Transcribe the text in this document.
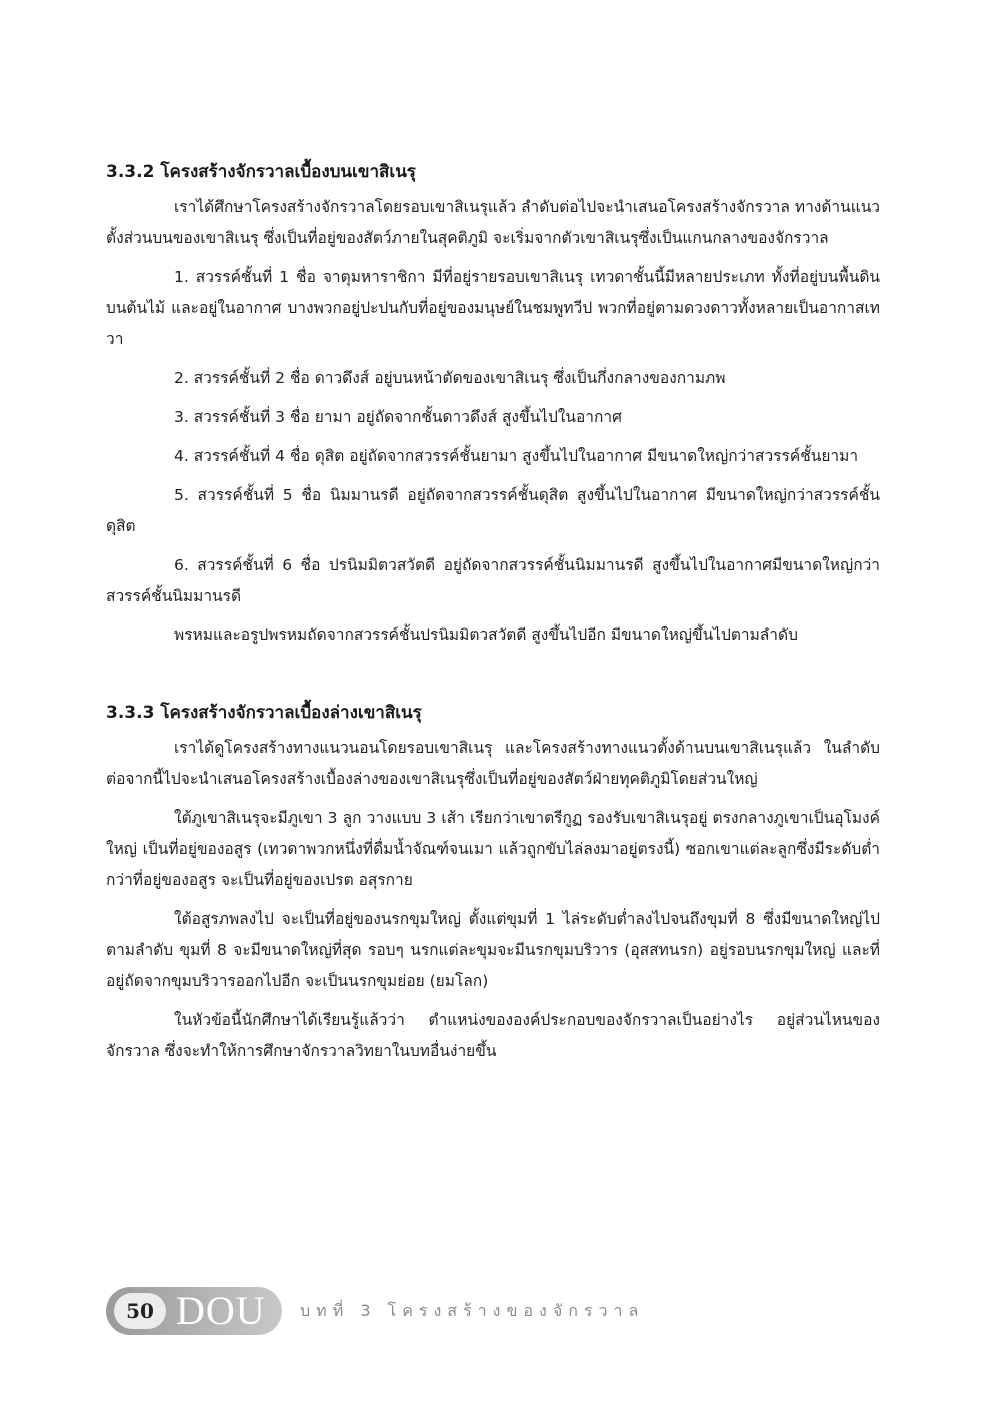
3.3.2 โครงสร้างจักรวาลเบื้องบนเขาสิเนรุ

เราได้ศึกษาโครงสร้างจักรวาลโดยรอบเขาสิเนรุแล้ว ลำดับต่อไปจะนำเสนอโครงสร้างจักรวาล ทางด้านแนวตั้งส่วนบนของเขาสิเนรุ ซึ่งเป็นที่อยู่ของสัตว์ภายในสุคติภูมิ จะเริ่มจากตัวเขาสิเนรุซึ่งเป็นแกนกลางของจักรวาล

1. สวรรค์ชั้นที่ 1 ชื่อ จาตุมหาราชิกา มีที่อยู่รายรอบเขาสิเนรุ เทวดาชั้นนี้มีหลายประเภท ทั้งที่อยู่บนพื้นดิน บนต้นไม้ และอยู่ในอากาศ บางพวกอยู่ปะปนกับที่อยู่ของมนุษย์ในชมพูทวีป พวกที่อยู่ตามดวงดาวทั้งหลายเป็นอากาสเทวา

2. สวรรค์ชั้นที่ 2 ชื่อ ดาวดึงส์ อยู่บนหน้าตัดของเขาสิเนรุ ซึ่งเป็นกึ่งกลางของกามภพ

3. สวรรค์ชั้นที่ 3 ชื่อ ยามา อยู่ถัดจากชั้นดาวดึงส์ สูงขึ้นไปในอากาศ

4. สวรรค์ชั้นที่ 4 ชื่อ ดุสิต อยู่ถัดจากสวรรค์ชั้นยามา สูงขึ้นไปในอากาศ มีขนาดใหญ่กว่าสวรรค์ชั้นยามา

5. สวรรค์ชั้นที่ 5 ชื่อ นิมมานรดี อยู่ถัดจากสวรรค์ชั้นดุสิต สูงขึ้นไปในอากาศ มีขนาดใหญ่กว่าสวรรค์ชั้นดุสิต

6. สวรรค์ชั้นที่ 6 ชื่อ ปรนิมมิตวสวัตดี อยู่ถัดจากสวรรค์ชั้นนิมมานรดี สูงขึ้นไปในอากาศมีขนาดใหญ่กว่าสวรรค์ชั้นนิมมานรดี

พรหมและอรูปพรหมถัดจากสวรรค์ชั้นปรนิมมิตวสวัตดี สูงขึ้นไปอีก มีขนาดใหญ่ขึ้นไปตามลำดับ

3.3.3 โครงสร้างจักรวาลเบื้องล่างเขาสิเนรุ

เราได้ดูโครงสร้างทางแนวนอนโดยรอบเขาสิเนรุ และโครงสร้างทางแนวตั้งด้านบนเขาสิเนรุแล้ว ในลำดับต่อจากนี้ไปจะนำเสนอโครงสร้างเบื้องล่างของเขาสิเนรุซึ่งเป็นที่อยู่ของสัตว์ฝ่ายทุคติภูมิโดยส่วนใหญ่

ใต้ภูเขาสิเนรุจะมีภูเขา 3 ลูก วางแบบ 3 เส้า เรียกว่าเขาตรีกูฏ รองรับเขาสิเนรุอยู่ ตรงกลางภูเขาเป็นอุโมงค์ใหญ่ เป็นที่อยู่ของอสูร (เทวดาพวกหนึ่งที่ดื่มน้ำจัณฑ์จนเมา แล้วถูกขับไล่ลงมาอยู่ตรงนี้) ซอกเขาแต่ละลูกซึ่งมีระดับต่ำกว่าที่อยู่ของอสูร จะเป็นที่อยู่ของเปรต อสุรกาย

ใต้อสูรภพลงไป จะเป็นที่อยู่ของนรกขุมใหญ่ ตั้งแต่ขุมที่ 1 ไล่ระดับต่ำลงไปจนถึงขุมที่ 8 ซึ่งมีขนาดใหญ่ไปตามลำดับ ขุมที่ 8 จะมีขนาดใหญ่ที่สุด รอบๆ นรกแต่ละขุมจะมีนรกขุมบริวาร (อุสสทนรก) อยู่รอบนรกขุมใหญ่ และที่อยู่ถัดจากขุมบริวารออกไปอีก จะเป็นนรกขุมย่อย (ยมโลก)

ในหัวข้อนี้นักศึกษาได้เรียนรู้แล้วว่า ตำแหน่งขององค์ประกอบของจักรวาลเป็นอย่างไร อยู่ส่วนไหนของจักรวาล ซึ่งจะทำให้การศึกษาจักรวาลวิทยาในบทอื่นง่ายขึ้น

50 DOU บทที่ 3 โครงสร้างของจักรวาล
